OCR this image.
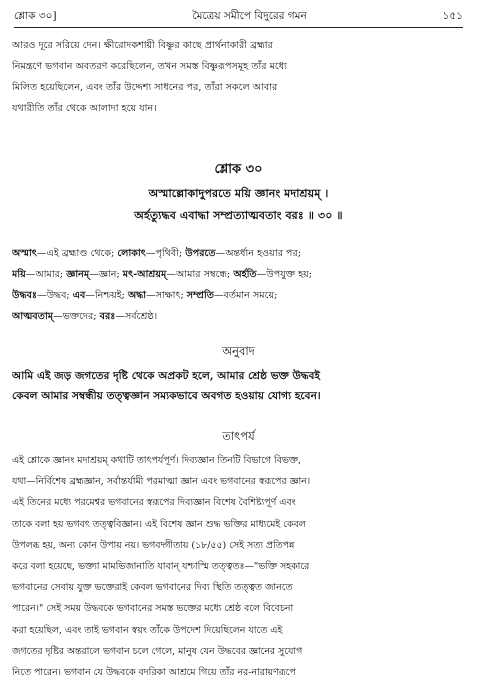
শ্লোক ৩০]	মৈত্রেয় সমীপে বিদুরের গমন	১৫১
আরও দূরে সরিয়ে দেন। ক্ষীরোদকশায়ী বিষ্ণুর কাছে প্রার্থনাকারী ব্রহ্মার
নিমন্ত্রণে ভগবান অবতরণ করেছিলেন, তখন সমস্ত বিষ্ণুরূপসমূহ তাঁর মধ্যে
মিলিত হয়েছিলেন, এবং তাঁর উদ্দেশ্য সাধনের পর, তাঁরা সকলে আবার
যথারীতি তাঁর থেকে আলাদা হয়ে যান।
শ্লোক ৩০
অস্মাল্লোকাদুপরতে ময়ি জ্ঞানং মদাশ্রয়ম্ ।
অর্হত্যুদ্ধব এবাদ্ধা সম্প্রত্যাত্মবতাং বরঃ ॥ ৩০ ॥
অস্মাৎ—এই ব্রহ্মাণ্ড থেকে; লোকাৎ—পৃথিবী; উপরতে—অন্তর্ধান হওয়ার পর;
ময়ি—আমার; জ্ঞানম্—জ্ঞান; মৎ-আশ্রয়ম্—আমার সম্বন্ধে; অর্হতি—উপযুক্ত হয়;
উদ্ধবঃ—উদ্ধব; এব—নিশ্চয়ই; অদ্ধা—সাক্ষাৎ; সম্প্রতি—বর্তমান সময়ে;
আত্মবতাম্—ভক্তদের; বরঃ—সর্বশ্রেষ্ঠ।
অনুবাদ
আমি এই জড় জগতের দৃষ্টি থেকে অপ্রকট হলে, আমার শ্রেষ্ঠ ভক্ত উদ্ধবই
কেবল আমার সম্বন্ধীয় তত্ত্বজ্ঞান সম্যকভাবে অবগত হওয়ায় যোগ্য হবেন।
তাৎপর্য
এই শ্লোকে জ্ঞানং মদাশ্রয়ম্ কথাটি তাৎপর্যপূর্ণ। দিব্যজ্ঞান তিনটি বিভাগে বিভক্ত,
যথা—নির্বিশেষ ব্রহ্মজ্ঞান, সর্বান্তর্যামী পরমাত্মা জ্ঞান এবং ভগবানের স্বরূপের জ্ঞান।
এই তিনের মধ্যে পরমেশ্বর ভগবানের স্বরূপের দিব্যজ্ঞান বিশেষ বৈশিষ্ট্যপূর্ণ এবং
তাকে বলা হয় ভগবৎ তত্ত্ববিজ্ঞান। এই বিশেষ জ্ঞান শুদ্ধ ভক্তির মাধ্যমেই কেবল
উপলব্ধ হয়, অন্য কোন উপায় নয়। ভগবদ্গীতায় (১৮/৫৫) সেই সত্য প্রতিপন্ন
করে বলা হয়েছে, ভক্ত্যা মামভিজানাতি যাবান্ যশ্চাস্মি তত্ত্বতঃ—"ভক্তি সহকারে
ভগবানের সেবায় যুক্ত ভক্তেরাই কেবল ভগবানের দিব্য স্থিতি তত্ত্বত জানতে
পারেন।" সেই সময় উদ্ধবকে ভগবানের সমস্ত ভক্তের মধ্যে শ্রেষ্ঠ বলে বিবেচনা
করা হয়েছিল, এবং তাই ভগবান স্বয়ং তাঁকে উপদেশ দিয়েছিলেন যাতে এই
জগতের দৃষ্টির অন্তরালে ভগবান চলে গেলে, মানুষ যেন উদ্ধবের জ্ঞানের সুযোগ
নিতে পারেন। ভগবান যে উদ্ধবকে বদরিকা আশ্রমে গিয়ে তাঁর নর-নারায়ণরূপে
